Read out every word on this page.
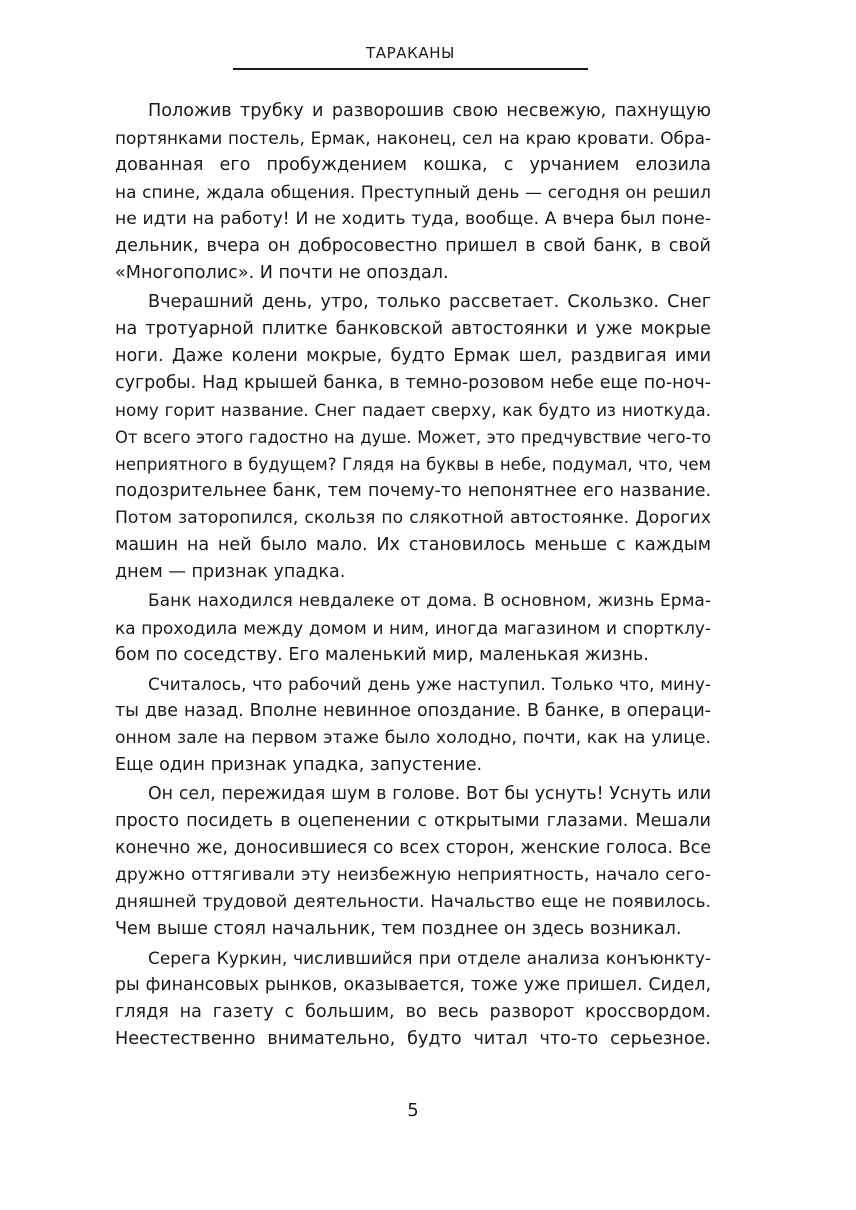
ТАРАКАНЫ
Положив трубку и разворошив свою несвежую, пахнущую
портянками постель, Ермак, наконец, сел на краю кровати. Обра-
дованная его пробуждением кошка, с урчанием елозила
на спине, ждала общения. Преступный день — сегодня он решил
не идти на работу! И не ходить туда, вообще. А вчера был поне-
дельник, вчера он добросовестно пришел в свой банк, в свой
«Многополис». И почти не опоздал.
Вчерашний день, утро, только рассветает. Скользко. Снег
на тротуарной плитке банковской автостоянки и уже мокрые
ноги. Даже колени мокрые, будто Ермак шел, раздвигая ими
сугробы. Над крышей банка, в темно-розовом небе еще по-ноч-
ному горит название. Снег падает сверху, как будто из ниоткуда.
От всего этого гадостно на душе. Может, это предчувствие чего-то
неприятного в будущем? Глядя на буквы в небе, подумал, что, чем
подозрительнее банк, тем почему-то непонятнее его название.
Потом заторопился, скользя по слякотной автостоянке. Дорогих
машин на ней было мало. Их становилось меньше с каждым
днем — признак упадка.
Банк находился невдалеке от дома. В основном, жизнь Ерма-
ка проходила между домом и ним, иногда магазином и спортклу-
бом по соседству. Его маленький мир, маленькая жизнь.
Считалось, что рабочий день уже наступил. Только что, мину-
ты две назад. Вполне невинное опоздание. В банке, в операци-
онном зале на первом этаже было холодно, почти, как на улице.
Еще один признак упадка, запустение.
Он сел, пережидая шум в голове. Вот бы уснуть! Уснуть или
просто посидеть в оцепенении с открытыми глазами. Мешали
конечно же, доносившиеся со всех сторон, женские голоса. Все
дружно оттягивали эту неизбежную неприятность, начало сего-
дняшней трудовой деятельности. Начальство еще не появилось.
Чем выше стоял начальник, тем позднее он здесь возникал.
Серега Куркин, числившийся при отделе анализа конъюнкту-
ры финансовых рынков, оказывается, тоже уже пришел. Сидел,
глядя на газету с большим, во весь разворот кроссвордом.
Неестественно внимательно, будто читал что-то серьезное.
5
